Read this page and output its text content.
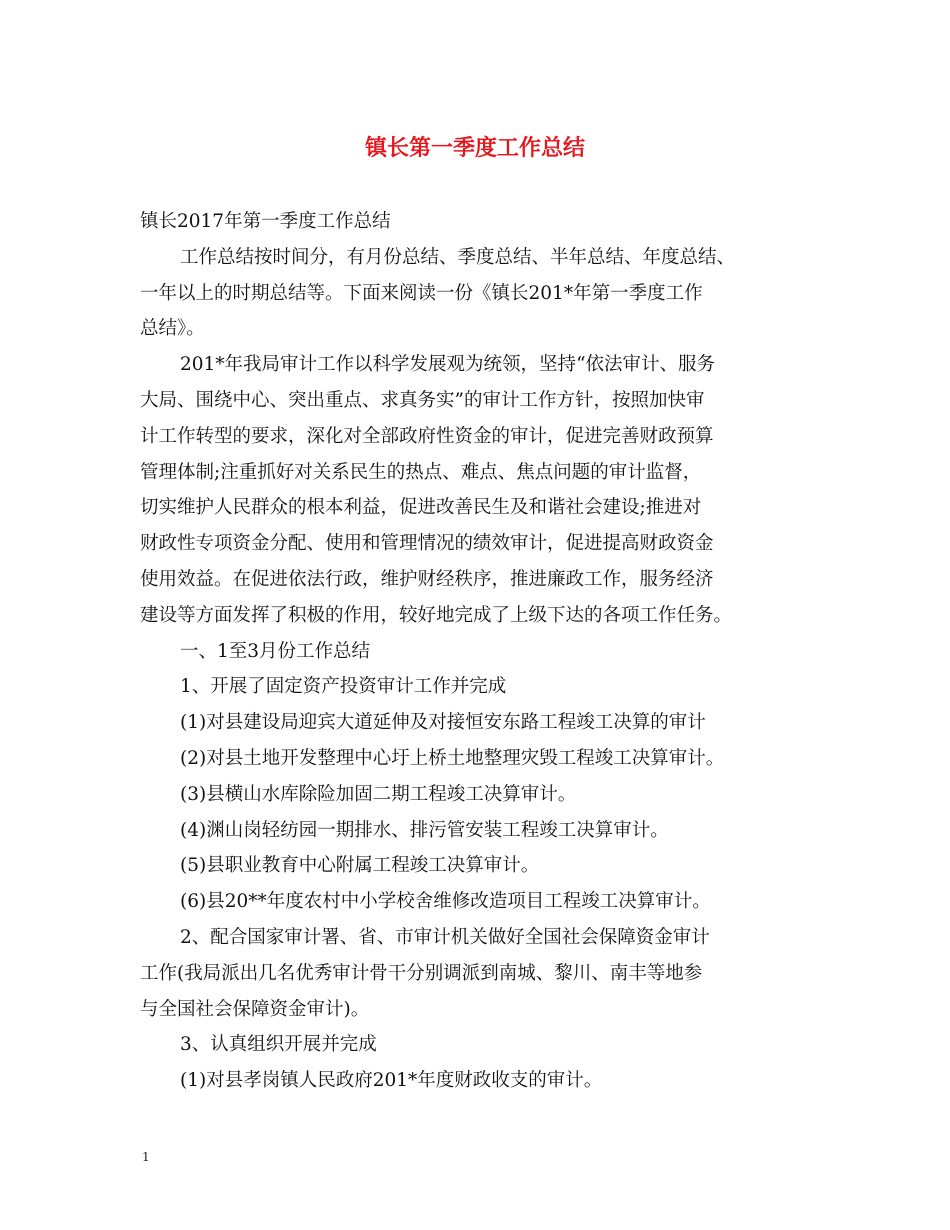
镇长第一季度工作总结
镇长2017年第一季度工作总结
工作总结按时间分，有月份总结、季度总结、半年总结、年度总结、
一年以上的时期总结等。下面来阅读一份《镇长201*年第一季度工作
总结》。
201*年我局审计工作以科学发展观为统领，坚持“依法审计、服务
大局、围绕中心、突出重点、求真务实”的审计工作方针，按照加快审
计工作转型的要求，深化对全部政府性资金的审计，促进完善财政预算
管理体制;注重抓好对关系民生的热点、难点、焦点问题的审计监督，
切实维护人民群众的根本利益，促进改善民生及和谐社会建设;推进对
财政性专项资金分配、使用和管理情况的绩效审计，促进提高财政资金
使用效益。在促进依法行政，维护财经秩序，推进廉政工作，服务经济
建设等方面发挥了积极的作用，较好地完成了上级下达的各项工作任务。
一、1至3月份工作总结
1、开展了固定资产投资审计工作并完成
(1)对县建设局迎宾大道延伸及对接恒安东路工程竣工决算的审计
(2)对县土地开发整理中心圩上桥土地整理灾毁工程竣工决算审计。
(3)县横山水库除险加固二期工程竣工决算审计。
(4)渊山岗轻纺园一期排水、排污管安装工程竣工决算审计。
(5)县职业教育中心附属工程竣工决算审计。
(6)县20**年度农村中小学校舍维修改造项目工程竣工决算审计。
2、配合国家审计署、省、市审计机关做好全国社会保障资金审计
工作(我局派出几名优秀审计骨干分别调派到南城、黎川、南丰等地参
与全国社会保障资金审计)。
3、认真组织开展并完成
(1)对县孝岗镇人民政府201*年度财政收支的审计。
1
